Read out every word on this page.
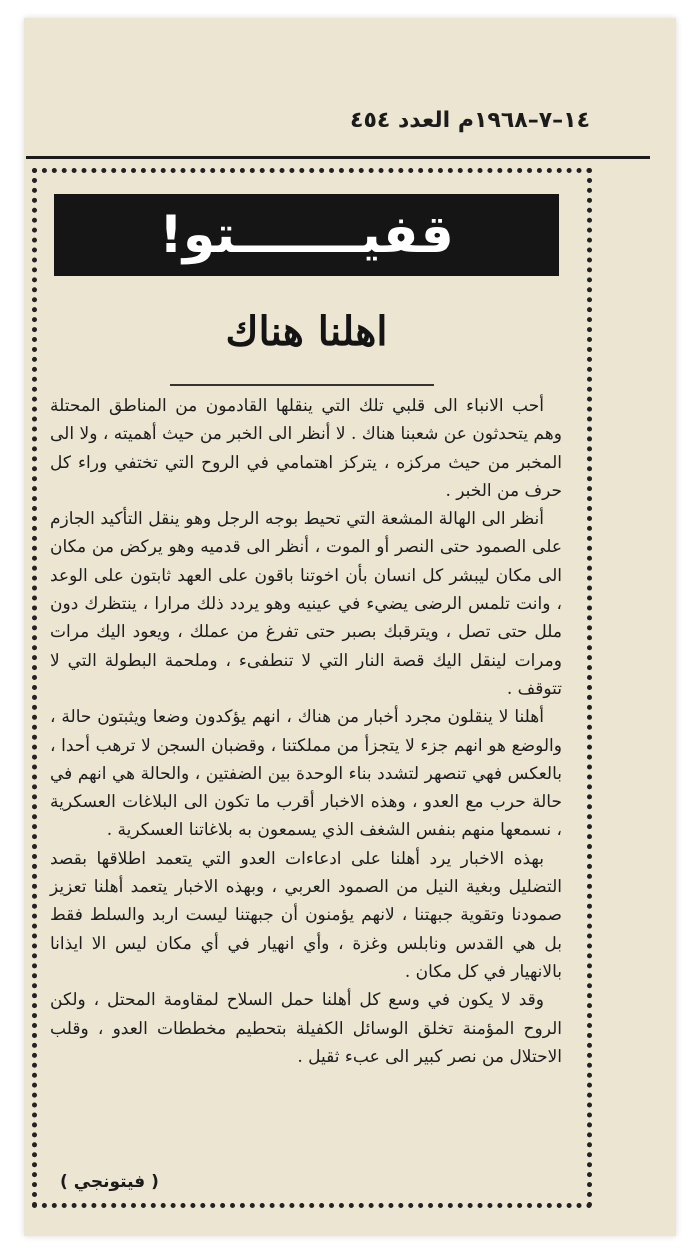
١٤–٧–١٩٦٨م العدد ٤٥٤
قفيـــــــتو!
اهلنا هناك

أحب الانباء الى قلبي تلك التي ينقلها القادمون من المناطق المحتلة وهم يتحدثون عن شعبنا هناك . لا أنظر الى الخبر من حيث أهميته ، ولا الى المخبر من حيث مركزه ، يتركز اهتمامي في الروح التي تختفي وراء كل حرف من الخبر .

أنظر الى الهالة المشعة التي تحيط بوجه الرجل وهو ينقل التأكيد الجازم على الصمود حتى النصر أو الموت ، أنظر الى قدميه وهو يركض من مكان الى مكان ليبشر كل انسان بأن اخوتنا باقون على العهد ثابتون على الوعد ، وانت تلمس الرضى يضيء في عينيه وهو يردد ذلك مرارا ، ينتظرك دون ملل حتى تصل ، ويترقبك بصبر حتى تفرغ من عملك ، ويعود اليك مرات ومرات لينقل اليك قصة النار التي لا تنطفىء ، وملحمة البطولة التي لا تتوقف .

أهلنا لا ينقلون مجرد أخبار من هناك ، انهم يؤكدون وضعا ويثبتون حالة ، والوضع هو انهم جزء لا يتجزأ من مملكتنا ، وقضبان السجن لا ترهب أحدا ، بالعكس فهي تنصهر لتشدد بناء الوحدة بين الضفتين ، والحالة هي انهم في حالة حرب مع العدو ، وهذه الاخبار أقرب ما تكون الى البلاغات العسكرية ، نسمعها منهم بنفس الشغف الذي يسمعون به بلاغاتنا العسكرية .

بهذه الاخبار يرد أهلنا على ادعاءات العدو التي يتعمد اطلاقها بقصد التضليل وبغية النيل من الصمود العربي ، وبهذه الاخبار يتعمد أهلنا تعزيز صمودنا وتقوية جبهتنا ، لانهم يؤمنون أن جبهتنا ليست اربد والسلط فقط بل هي القدس ونابلس وغزة ، وأي انهيار في أي مكان ليس الا ايذانا بالانهيار في كل مكان .

وقد لا يكون في وسع كل أهلنا حمل السلاح لمقاومة المحتل ، ولكن الروح المؤمنة تخلق الوسائل الكفيلة بتحطيم مخططات العدو ، وقلب الاحتلال من نصر كبير الى عبء ثقيل .

( فيتونجي )
